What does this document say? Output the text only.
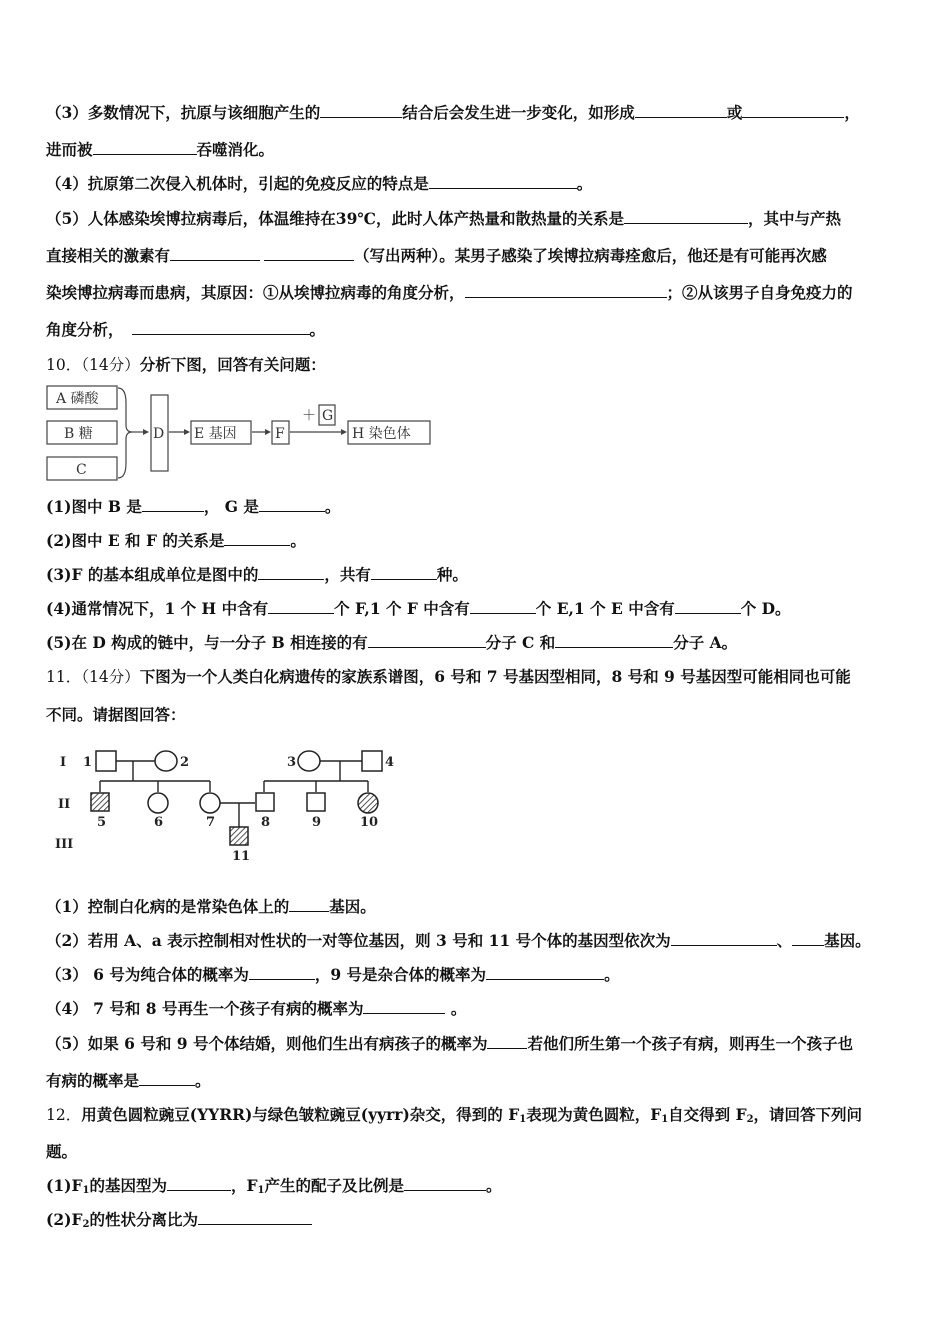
（3）多数情况下，抗原与该细胞产生的	结合后会发生进一步变化，如形成	或	，
进而被	吞噬消化。
（4）抗原第二次侵入机体时，引起的免疫反应的特点是	。
（5）人体感染埃博拉病毒后，体温维持在39℃，此时人体产热量和散热量的关系是	，其中与产热
直接相关的激素有	（写出两种）。某男子感染了埃博拉病毒痊愈后，他还是有可能再次感
染埃博拉病毒而患病，其原因：①从埃博拉病毒的角度分析，	；②从该男子自身免疫力的
角度分析，	。
10．（14分）分析下图，回答有关问题：
A 磷酸
B 糖
C
D E 基因	F
＋ G
H 染色体
(1)图中 B 是	， G 是	。
(2)图中 E 和 F 的关系是	。
(3)F 的基本组成单位是图中的	，共有	种。
(4)通常情况下，1 个 H 中含有	个 F,1 个 F 中含有	个 E,1 个 E 中含有	个 D。
(5)在 D 构成的链中，与一分子 B 相连接的有	分子 C 和	分子 A。
11．（14分）下图为一个人类白化病遗传的家族系谱图，6 号和 7 号基因型相同，8 号和 9 号基因型可能相同也可能
不同。请据图回答：
I
II
III
1	2	3	4
5	6	7	8	9	10
11
（1）控制白化病的是常染色体上的	基因。
（2）若用 A、a 表示控制相对性状的一对等位基因，则 3 号和 11 号个体的基因型依次为	、 基因。
（3） 6 号为纯合体的概率为	，9 号是杂合体的概率为	。
（4） 7 号和 8 号再生一个孩子有病的概率为	。
（5）如果 6 号和 9 号个体结婚，则他们生出有病孩子的概率为	若他们所生第一个孩子有病，则再生一个孩子也
有病的概率是	。
12．用黄色圆粒豌豆(YYRR)与绿色皱粒豌豆(yyrr)杂交，得到的 $F_1$表现为黄色圆粒，$F_1$自交得到 $F_2$，请回答下列问
题。
$(1)F_1$的基因型为	，$F_1$产生的配子及比例是	。
$(2)F_2$的性状分离比为
